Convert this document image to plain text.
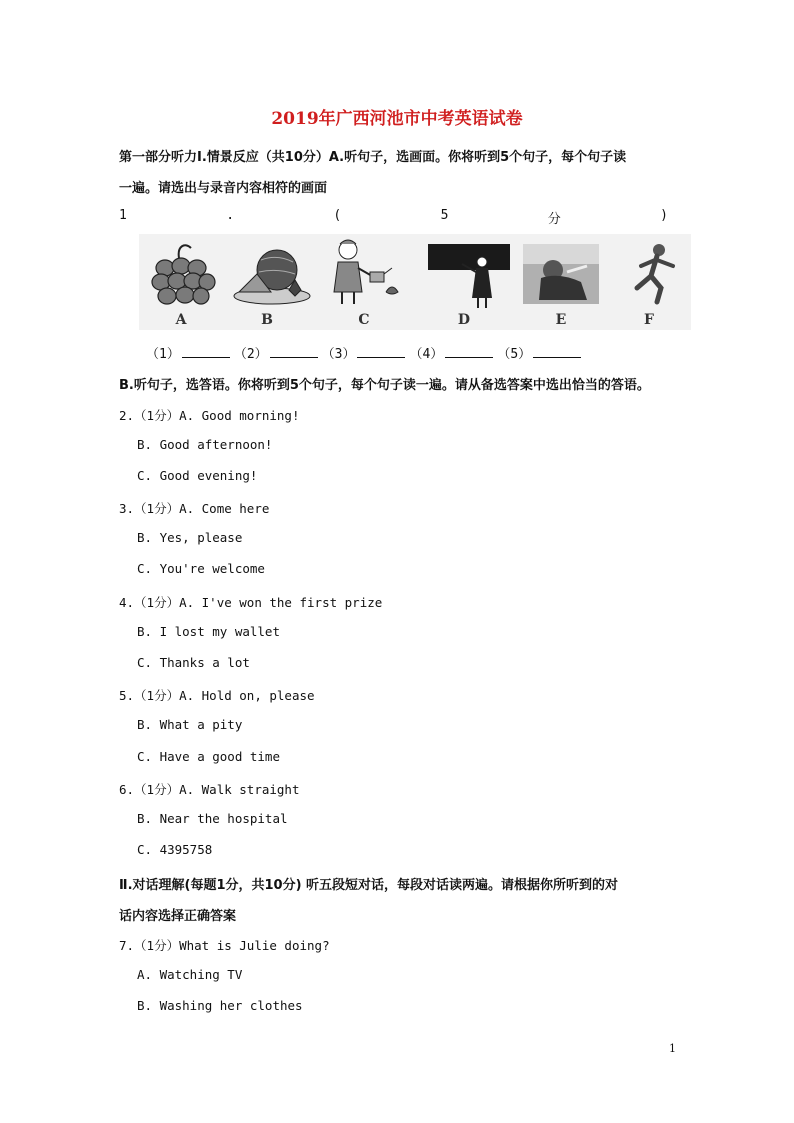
2019年广西河池市中考英语试卷
第一部分听力Ⅰ.情景反应（共10分）A.听句子，选画面。你将听到5个句子，每个句子读
一遍。请选出与录音内容相符的画面
1	.	(	5	分	)
A	B	C	D	E	F
（1）	（2）	（3）	（4）	（5）
B.听句子，选答语。你将听到5个句子，每个句子读一遍。请从备选答案中选出恰当的答语。
2.（1分）A. Good morning!
B. Good afternoon!
C. Good evening!
3.（1分）A. Come here
B. Yes, please
C. You're welcome
4.（1分）A. I've won the first prize
B. I lost my wallet
C. Thanks a lot
5.（1分）A. Hold on, please
B. What a pity
C. Have a good time
6.（1分）A. Walk straight
B. Near the hospital
C. 4395758
Ⅱ.对话理解(每题1分，共10分) 听五段短对话，每段对话读两遍。请根据你所听到的对
话内容选择正确答案
7.（1分）What is Julie doing?
A. Watching TV
B. Washing her clothes
1
